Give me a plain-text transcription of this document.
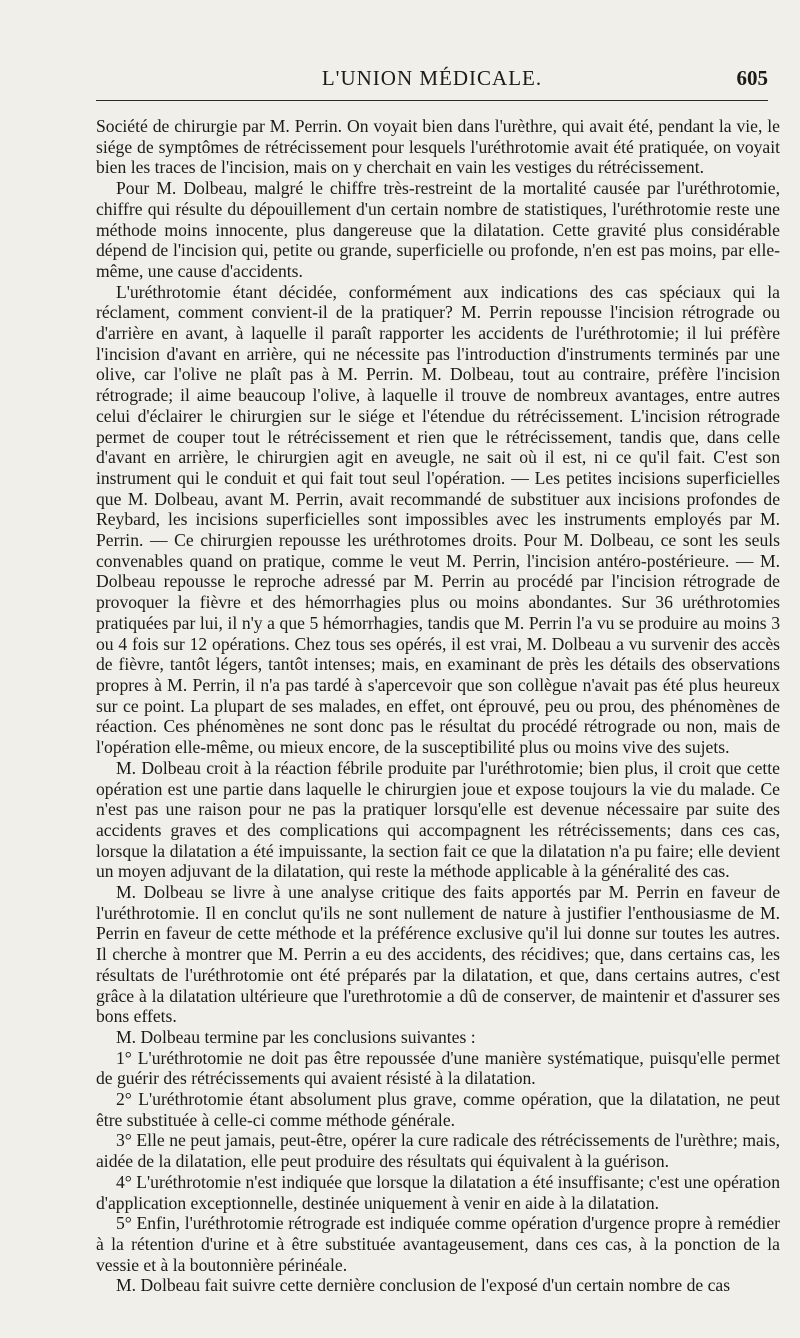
L'UNION MÉDICALE.	605

Société de chirurgie par M. Perrin. On voyait bien dans l'urèthre, qui avait été, pendant la vie, le siége de symptômes de rétrécissement pour lesquels l'uréthrotomie avait été pratiquée, on voyait bien les traces de l'incision, mais on y cherchait en vain les vestiges du rétrécissement.

Pour M. Dolbeau, malgré le chiffre très-restreint de la mortalité causée par l'uréthrotomie, chiffre qui résulte du dépouillement d'un certain nombre de statistiques, l'uréthrotomie reste une méthode moins innocente, plus dangereuse que la dilatation. Cette gravité plus considérable dépend de l'incision qui, petite ou grande, superficielle ou profonde, n'en est pas moins, par elle-même, une cause d'accidents.

L'uréthrotomie étant décidée, conformément aux indications des cas spéciaux qui la réclament, comment convient-il de la pratiquer? M. Perrin repousse l'incision rétrograde ou d'arrière en avant, à laquelle il paraît rapporter les accidents de l'uréthrotomie; il lui préfère l'incision d'avant en arrière, qui ne nécessite pas l'introduction d'instruments terminés par une olive, car l'olive ne plaît pas à M. Perrin. M. Dolbeau, tout au contraire, préfère l'incision rétrograde; il aime beaucoup l'olive, à laquelle il trouve de nombreux avantages, entre autres celui d'éclairer le chirurgien sur le siége et l'étendue du rétrécissement. L'incision rétrograde permet de couper tout le rétrécissement et rien que le rétrécissement, tandis que, dans celle d'avant en arrière, le chirurgien agit en aveugle, ne sait où il est, ni ce qu'il fait. C'est son instrument qui le conduit et qui fait tout seul l'opération. — Les petites incisions superficielles que M. Dolbeau, avant M. Perrin, avait recommandé de substituer aux incisions profondes de Reybard, les incisions superficielles sont impossibles avec les instruments employés par M. Perrin. — Ce chirurgien repousse les uréthrotomes droits. Pour M. Dolbeau, ce sont les seuls convenables quand on pratique, comme le veut M. Perrin, l'incision antéro-postérieure. — M. Dolbeau repousse le reproche adressé par M. Perrin au procédé par l'incision rétrograde de provoquer la fièvre et des hémorrhagies plus ou moins abondantes. Sur 36 uréthrotomies pratiquées par lui, il n'y a que 5 hémorrhagies, tandis que M. Perrin l'a vu se produire au moins 3 ou 4 fois sur 12 opérations. Chez tous ses opérés, il est vrai, M. Dolbeau a vu survenir des accès de fièvre, tantôt légers, tantôt intenses; mais, en examinant de près les détails des observations propres à M. Perrin, il n'a pas tardé à s'apercevoir que son collègue n'avait pas été plus heureux sur ce point. La plupart de ses malades, en effet, ont éprouvé, peu ou prou, des phénomènes de réaction. Ces phénomènes ne sont donc pas le résultat du procédé rétrograde ou non, mais de l'opération elle-même, ou mieux encore, de la susceptibilité plus ou moins vive des sujets.

M. Dolbeau croit à la réaction fébrile produite par l'uréthrotomie; bien plus, il croit que cette opération est une partie dans laquelle le chirurgien joue et expose toujours la vie du malade. Ce n'est pas une raison pour ne pas la pratiquer lorsqu'elle est devenue nécessaire par suite des accidents graves et des complications qui accompagnent les rétrécissements; dans ces cas, lorsque la dilatation a été impuissante, la section fait ce que la dilatation n'a pu faire; elle devient un moyen adjuvant de la dilatation, qui reste la méthode applicable à la généralité des cas.

M. Dolbeau se livre à une analyse critique des faits apportés par M. Perrin en faveur de l'uréthrotomie. Il en conclut qu'ils ne sont nullement de nature à justifier l'enthousiasme de M. Perrin en faveur de cette méthode et la préférence exclusive qu'il lui donne sur toutes les autres. Il cherche à montrer que M. Perrin a eu des accidents, des récidives; que, dans certains cas, les résultats de l'uréthrotomie ont été préparés par la dilatation, et que, dans certains autres, c'est grâce à la dilatation ultérieure que l'urethrotomie a dû de conserver, de maintenir et d'assurer ses bons effets.

M. Dolbeau termine par les conclusions suivantes :

1° L'uréthrotomie ne doit pas être repoussée d'une manière systématique, puisqu'elle permet de guérir des rétrécissements qui avaient résisté à la dilatation.

2° L'uréthrotomie étant absolument plus grave, comme opération, que la dilatation, ne peut être substituée à celle-ci comme méthode générale.

3° Elle ne peut jamais, peut-être, opérer la cure radicale des rétrécissements de l'urèthre; mais, aidée de la dilatation, elle peut produire des résultats qui équivalent à la guérison.

4° L'uréthrotomie n'est indiquée que lorsque la dilatation a été insuffisante; c'est une opération d'application exceptionnelle, destinée uniquement à venir en aide à la dilatation.

5° Enfin, l'uréthrotomie rétrograde est indiquée comme opération d'urgence propre à remédier à la rétention d'urine et à être substituée avantageusement, dans ces cas, à la ponction de la vessie et à la boutonnière périnéale.

M. Dolbeau fait suivre cette dernière conclusion de l'exposé d'un certain nombre de cas
